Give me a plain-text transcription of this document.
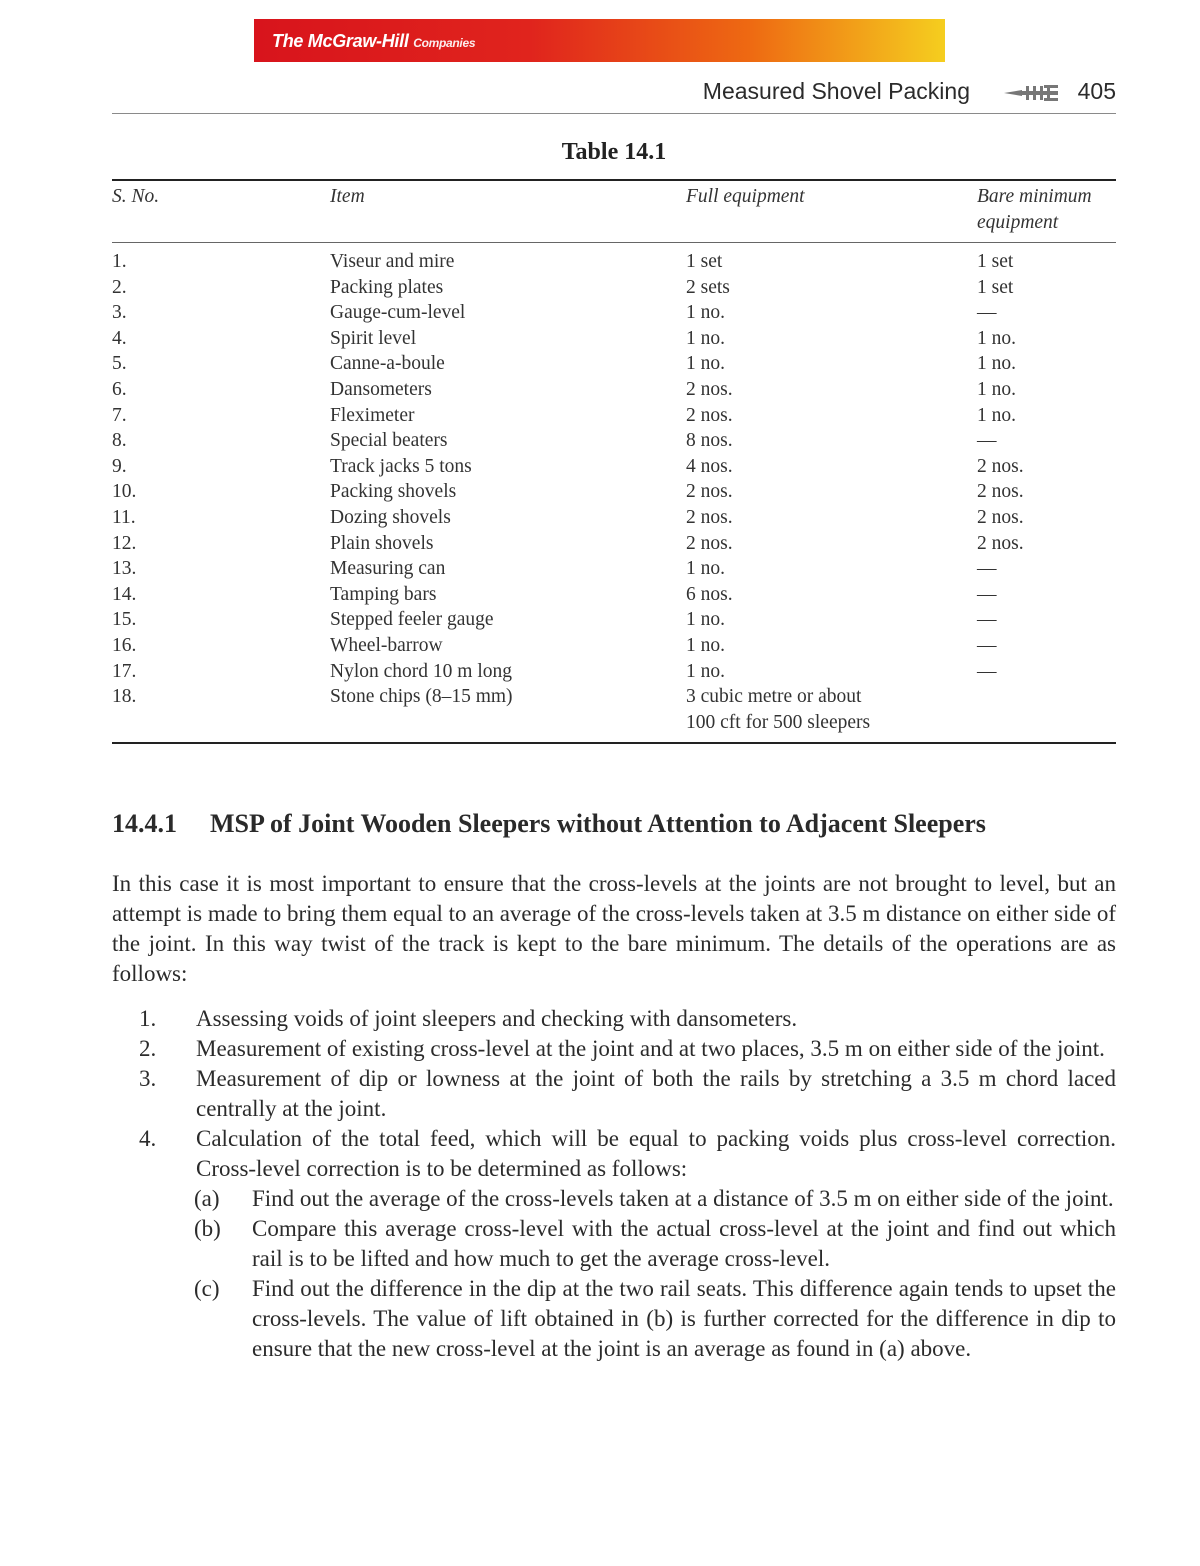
The McGraw-Hill Companies
Measured Shovel Packing	405
Table 14.1
S. No.	Item	Full equipment	Bare minimum equipment
1.	Viseur and mire	1 set	1 set
2.	Packing plates	2 sets	1 set
3.	Gauge-cum-level	1 no.	—
4.	Spirit level	1 no.	1 no.
5.	Canne-a-boule	1 no.	1 no.
6.	Dansometers	2 nos.	1 no.
7.	Fleximeter	2 nos.	1 no.
8.	Special beaters	8 nos.	—
9.	Track jacks 5 tons	4 nos.	2 nos.
10.	Packing shovels	2 nos.	2 nos.
11.	Dozing shovels	2 nos.	2 nos.
12.	Plain shovels	2 nos.	2 nos.
13.	Measuring can	1 no.	—
14.	Tamping bars	6 nos.	—
15.	Stepped feeler gauge	1 no.	—
16.	Wheel-barrow	1 no.	—
17.	Nylon chord 10 m long	1 no.	—
18.	Stone chips (8–15 mm)	3 cubic metre or about
100 cft for 500 sleepers
14.4.1 MSP of Joint Wooden Sleepers without Attention to Adjacent Sleepers
In this case it is most important to ensure that the cross-levels at the joints are not brought to level, but an attempt is made to bring them equal to an average of the cross-levels taken at 3.5 m distance on either side of the joint. In this way twist of the track is kept to the bare minimum. The details of the operations are as follows:
1. Assessing voids of joint sleepers and checking with dansometers.
2. Measurement of existing cross-level at the joint and at two places, 3.5 m on either side of the joint.
3. Measurement of dip or lowness at the joint of both the rails by stretching a 3.5 m chord laced centrally at the joint.
4. Calculation of the total feed, which will be equal to packing voids plus cross-level correction. Cross-level correction is to be determined as follows:
(a) Find out the average of the cross-levels taken at a distance of 3.5 m on either side of the joint.
(b) Compare this average cross-level with the actual cross-level at the joint and find out which rail is to be lifted and how much to get the average cross-level.
(c) Find out the difference in the dip at the two rail seats. This difference again tends to upset the cross-levels. The value of lift obtained in (b) is further corrected for the difference in dip to ensure that the new cross-level at the joint is an average as found in (a) above.
